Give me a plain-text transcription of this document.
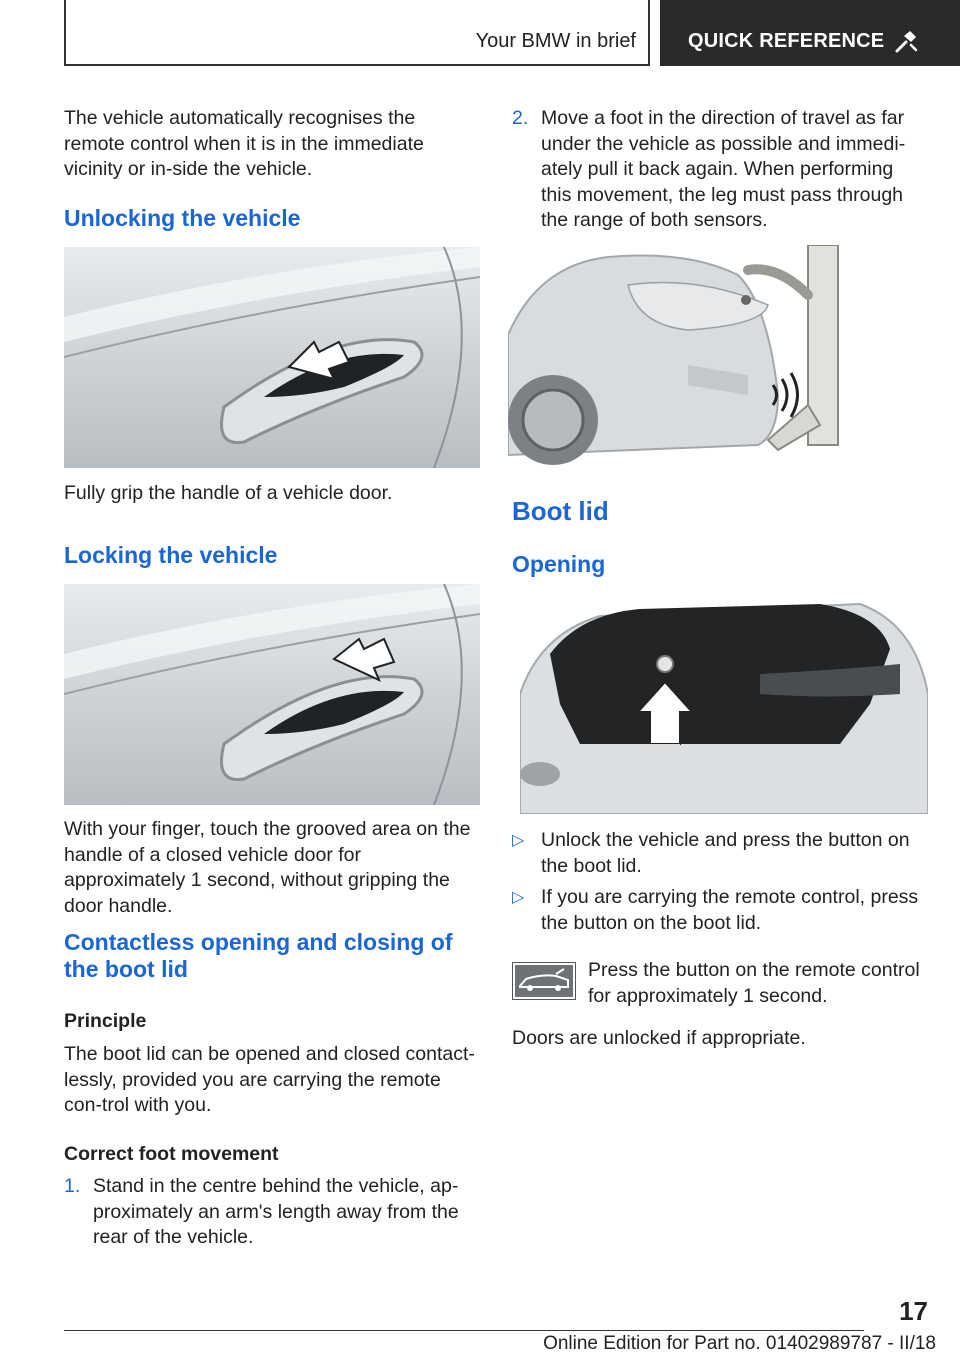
Your BMW in brief	QUICK REFERENCE
The vehicle automatically recognises the remote control when it is in the immediate vicinity or in‐side the vehicle.
Unlocking the vehicle
Fully grip the handle of a vehicle door.
Locking the vehicle
With your finger, touch the grooved area on the handle of a closed vehicle door for approximately 1 second, without gripping the door handle.
Contactless opening and closing of the boot lid
Principle
The boot lid can be opened and closed contact‐lessly, provided you are carrying the remote con‐trol with you.
Correct foot movement
1. Stand in the centre behind the vehicle, ap‐proximately an arm's length away from the rear of the vehicle.
2. Move a foot in the direction of travel as far under the vehicle as possible and immedi‐ately pull it back again. When performing this movement, the leg must pass through the range of both sensors.
Boot lid
Opening
▷ Unlock the vehicle and press the button on the boot lid.
▷ If you are carrying the remote control, press the button on the boot lid.
Press the button on the remote control for approximately 1 second.
Doors are unlocked if appropriate.
17
Online Edition for Part no. 01402989787 - II/18
